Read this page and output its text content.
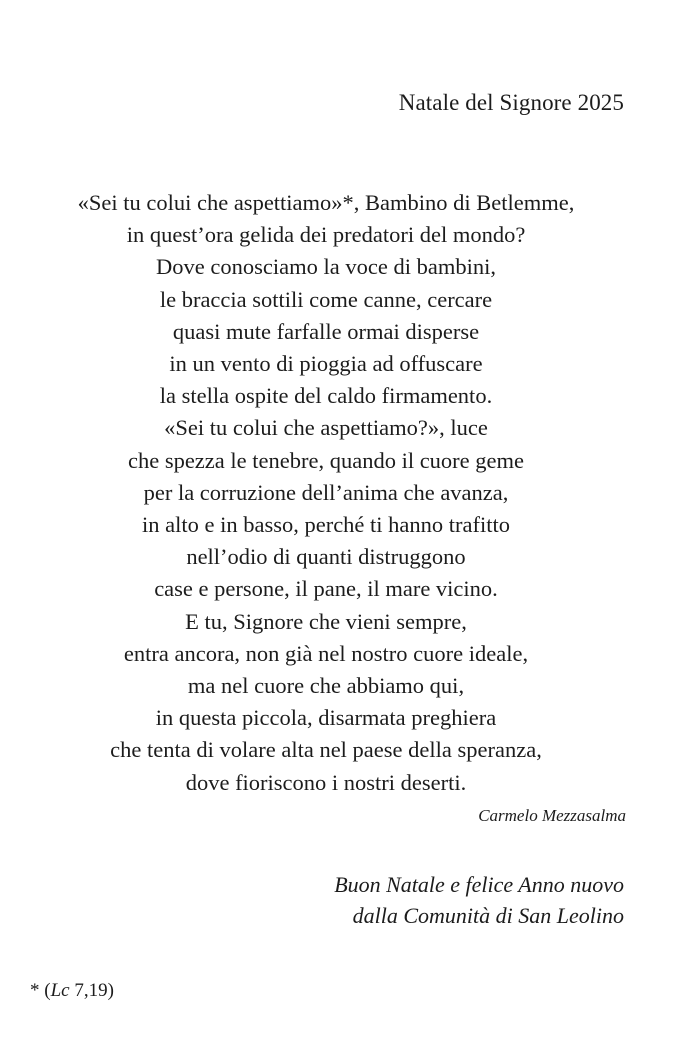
Natale del Signore 2025
«Sei tu colui che aspettiamo»*, Bambino di Betlemme,
in quest’ora gelida dei predatori del mondo?
Dove conosciamo la voce di bambini,
le braccia sottili come canne, cercare
quasi mute farfalle ormai disperse
in un vento di pioggia ad offuscare
la stella ospite del caldo firmamento.
«Sei tu colui che aspettiamo?», luce
che spezza le tenebre, quando il cuore geme
per la corruzione dell’anima che avanza,
in alto e in basso, perché ti hanno trafitto
nell’odio di quanti distruggono
case e persone, il pane, il mare vicino.
E tu, Signore che vieni sempre,
entra ancora, non già nel nostro cuore ideale,
ma nel cuore che abbiamo qui,
in questa piccola, disarmata preghiera
che tenta di volare alta nel paese della speranza,
dove fioriscono i nostri deserti.
Carmelo Mezzasalma
Buon Natale e felice Anno nuovo
dalla Comunità di San Leolino
* (Lc 7,19)
